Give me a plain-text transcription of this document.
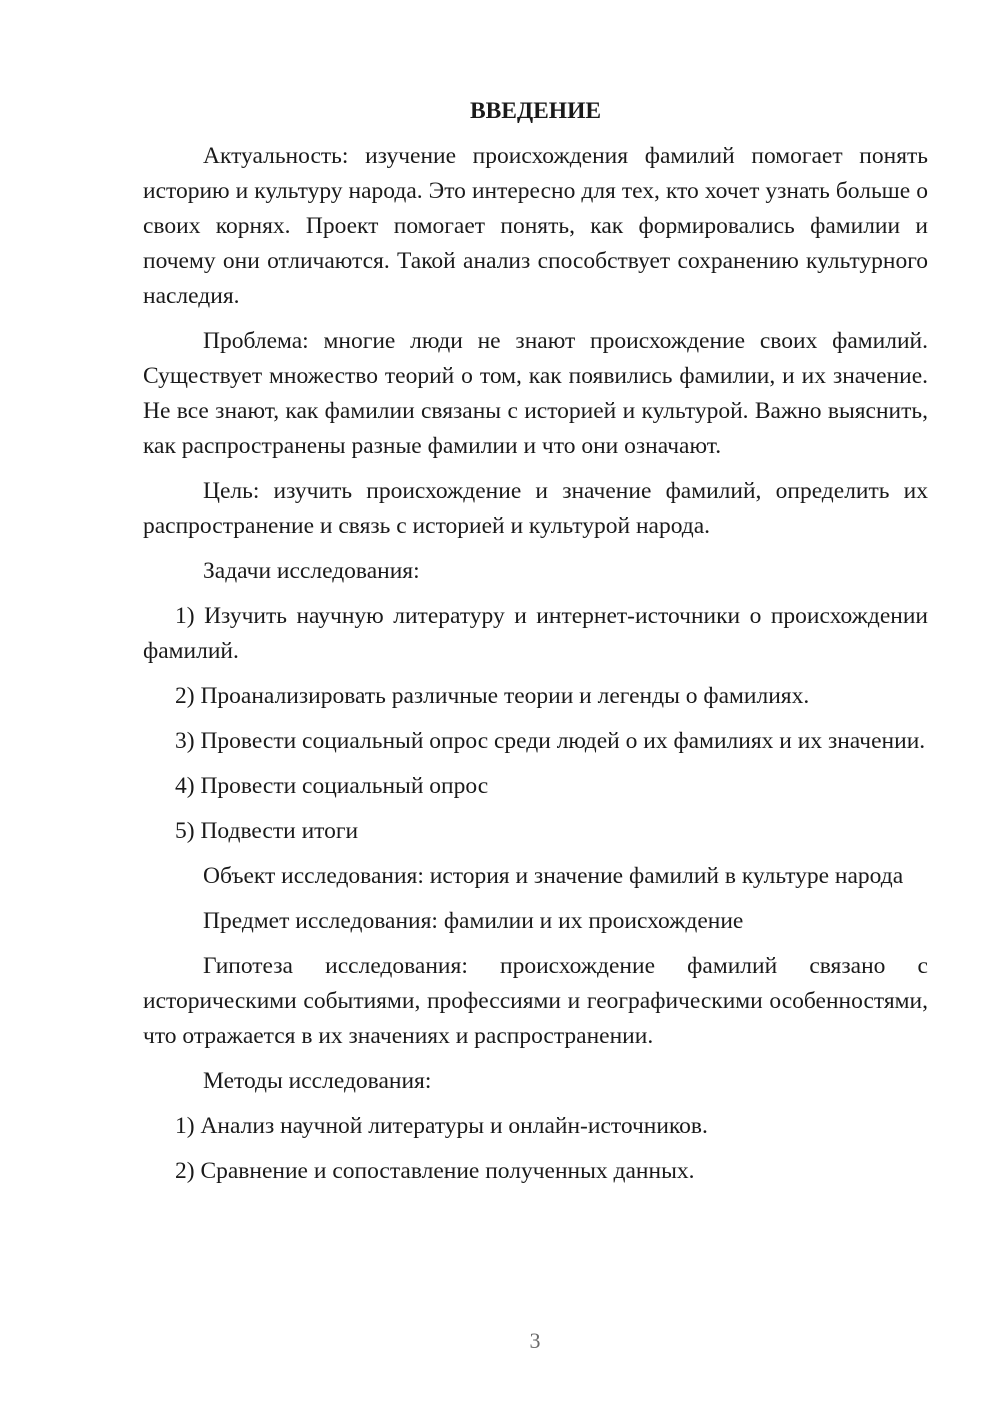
ВВЕДЕНИЕ
Актуальность: изучение происхождения фамилий помогает понять историю и культуру народа. Это интересно для тех, кто хочет узнать больше о своих корнях. Проект помогает понять, как формировались фамилии и почему они отличаются. Такой анализ способствует сохранению культурного наследия.
Проблема: многие люди не знают происхождение своих фамилий. Существует множество теорий о том, как появились фамилии, и их значение. Не все знают, как фамилии связаны с историей и культурой. Важно выяснить, как распространены разные фамилии и что они означают.
Цель: изучить происхождение и значение фамилий, определить их распространение и связь с историей и культурой народа.
Задачи исследования:
1) Изучить научную литературу и интернет-источники о происхождении фамилий.
2) Проанализировать различные теории и легенды о фамилиях.
3) Провести социальный опрос среди людей о их фамилиях и их значении.
4) Провести социальный опрос
5) Подвести итоги
Объект исследования: история и значение фамилий в культуре народа
Предмет исследования: фамилии и их происхождение
Гипотеза исследования: происхождение фамилий связано с историческими событиями, профессиями и географическими особенностями, что отражается в их значениях и распространении.
Методы исследования:
1) Анализ научной литературы и онлайн-источников.
2) Сравнение и сопоставление полученных данных.
3
